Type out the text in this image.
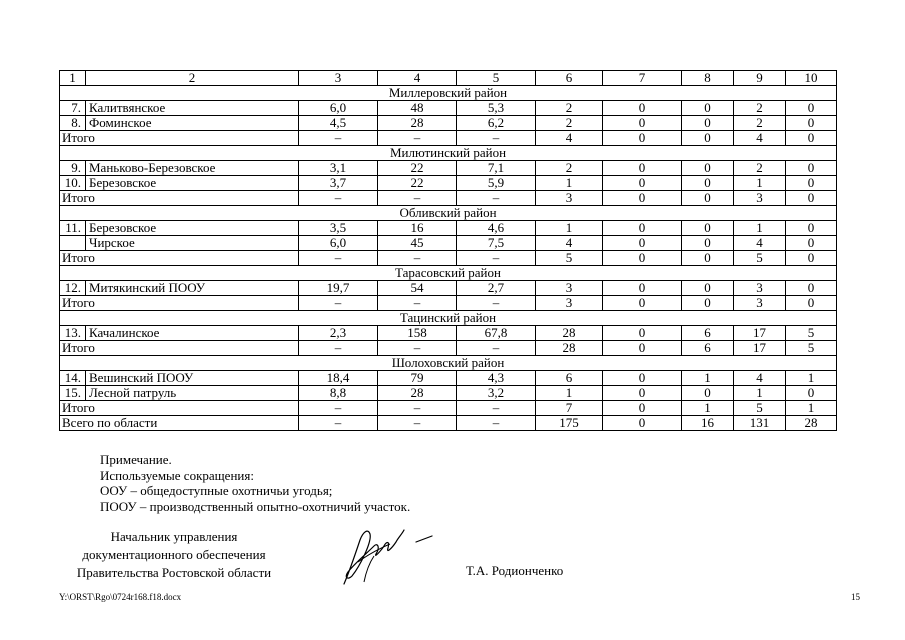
1	2	3	4	5	6	7	8	9	10
Миллеровский район									
7.	Калитвянское	6,0	48	5,3	2	0	0	2	0
8.	Фоминское	4,5	28	6,2	2	0	0	2	0
Итого		–	–	–	4	0	0	4	0
Милютинский район									
9.	Маньково-Березовское	3,1	22	7,1	2	0	0	2	0
10.	Березовское	3,7	22	5,9	1	0	0	1	0
Итого		–	–	–	3	0	0	3	0
Обливский район									
11.	Березовское	3,5	16	4,6	1	0	0	1	0
	Чирское	6,0	45	7,5	4	0	0	4	0
Итого		–	–	–	5	0	0	5	0
Тарасовский район									
12.	Митякинский ПООУ	19,7	54	2,7	3	0	0	3	0
Итого		–	–	–	3	0	0	3	0
Тацинский район									
13.	Качалинское	2,3	158	67,8	28	0	6	17	5
Итого		–	–	–	28	0	6	17	5
Шолоховский район									
14.	Вешинский ПООУ	18,4	79	4,3	6	0	1	4	1
15.	Лесной патруль	8,8	28	3,2	1	0	0	1	0
Итого		–	–	–	7	0	1	5	1
Всего по области		–	–	–	175	0	16	131	28
Примечание.
Используемые сокращения:
ООУ – общедоступные охотничьи угодья;
ПООУ – производственный опытно-охотничий участок.
Начальник управления
документационного обеспечения
Правительства Ростовской области	Т.А. Родионченко
Y:\ORST\Rgo\0724r168.f18.docx	15
